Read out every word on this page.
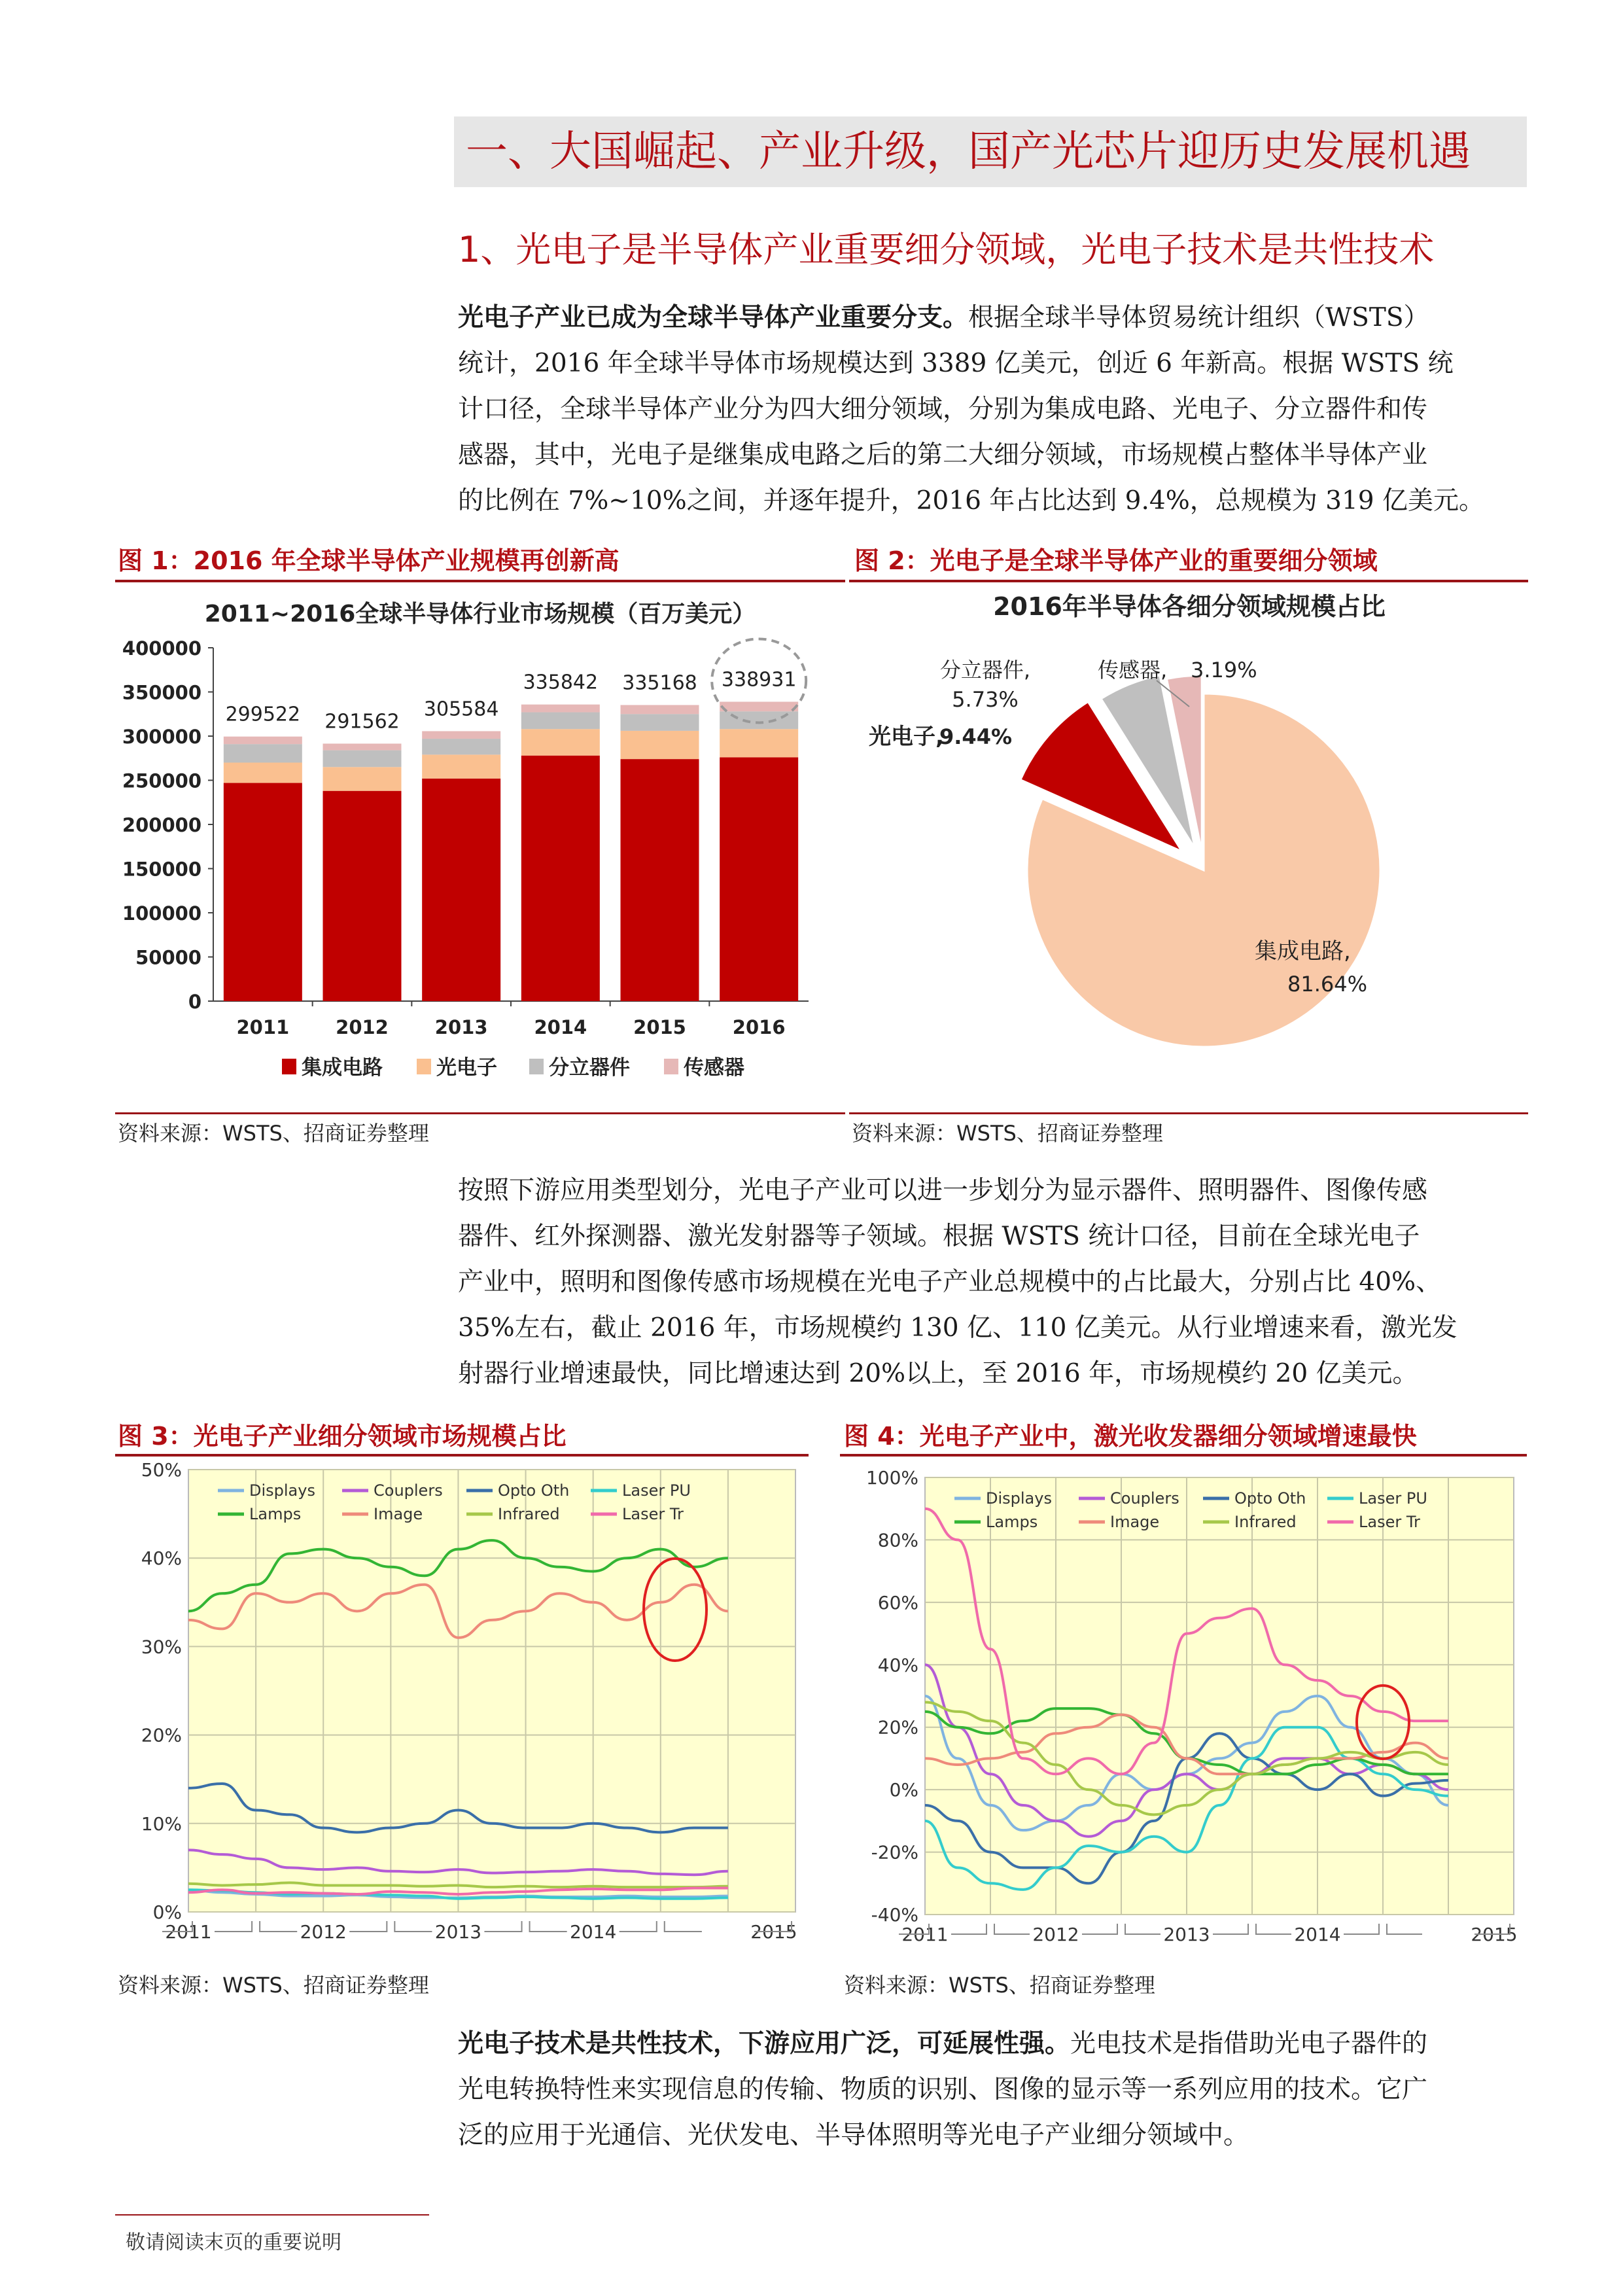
一、大国崛起、产业升级，国产光芯片迎历史发展机遇
1、光电子是半导体产业重要细分领域，光电子技术是共性技术
光电子产业已成为全球半导体产业重要分支。根据全球半导体贸易统计组织（WSTS）
统计，2016 年全球半导体市场规模达到 3389 亿美元，创近 6 年新高。根据 WSTS 统
计口径，全球半导体产业分为四大细分领域，分别为集成电路、光电子、分立器件和传
感器，其中，光电子是继集成电路之后的第二大细分领域，市场规模占整体半导体产业
的比例在 7%~10%之间，并逐年提升，2016 年占比达到 9.4%，总规模为 319 亿美元。
图 1：2016 年全球半导体产业规模再创新高
2011~2016全球半导体行业市场规模（百万美元）
0
50000
100000
150000
200000
250000
300000
350000
400000
299522
2011
291562
2012
305584
2013
335842
2014
335168
2015
338931
2016
集成电路	光电子	分立器件	传感器
资料来源：WSTS、招商证券整理
图 2：光电子是全球半导体产业的重要细分领域
2016年半导体各细分领域规模占比
集成电路,
81.64%
光电子,
9.44%
分立器件,
5.73%
传感器, 3.19%
资料来源：WSTS、招商证券整理
按照下游应用类型划分，光电子产业可以进一步划分为显示器件、照明器件、图像传感
器件、红外探测器、激光发射器等子领域。根据 WSTS 统计口径，目前在全球光电子
产业中，照明和图像传感市场规模在光电子产业总规模中的占比最大，分别占比 40%、
35%左右，截止 2016 年，市场规模约 130 亿、110 亿美元。从行业增速来看，激光发
射器行业增速最快，同比增速达到 20%以上，至 2016 年，市场规模约 20 亿美元。
图 3：光电子产业细分领域市场规模占比
0%
10%
20%
30%
40%
50%
Displays	Couplers	Opto Oth	Laser PU
Lamps	Image	Infrared	Laser Tr
2011	2012	2013	2014	2015
资料来源：WSTS、招商证券整理
图 4：光电子产业中，激光收发器细分领域增速最快
-40%
-20%
0%
20%
40%
60%
80%
100%
Displays	Couplers	Opto Oth	Laser PU
Lamps	Image	Infrared	Laser Tr
2011	2012	2013	2014	2015
资料来源：WSTS、招商证券整理
光电子技术是共性技术，下游应用广泛，可延展性强。光电技术是指借助光电子器件的
光电转换特性来实现信息的传输、物质的识别、图像的显示等一系列应用的技术。它广
泛的应用于光通信、光伏发电、半导体照明等光电子产业细分领域中。
敬请阅读末页的重要说明
